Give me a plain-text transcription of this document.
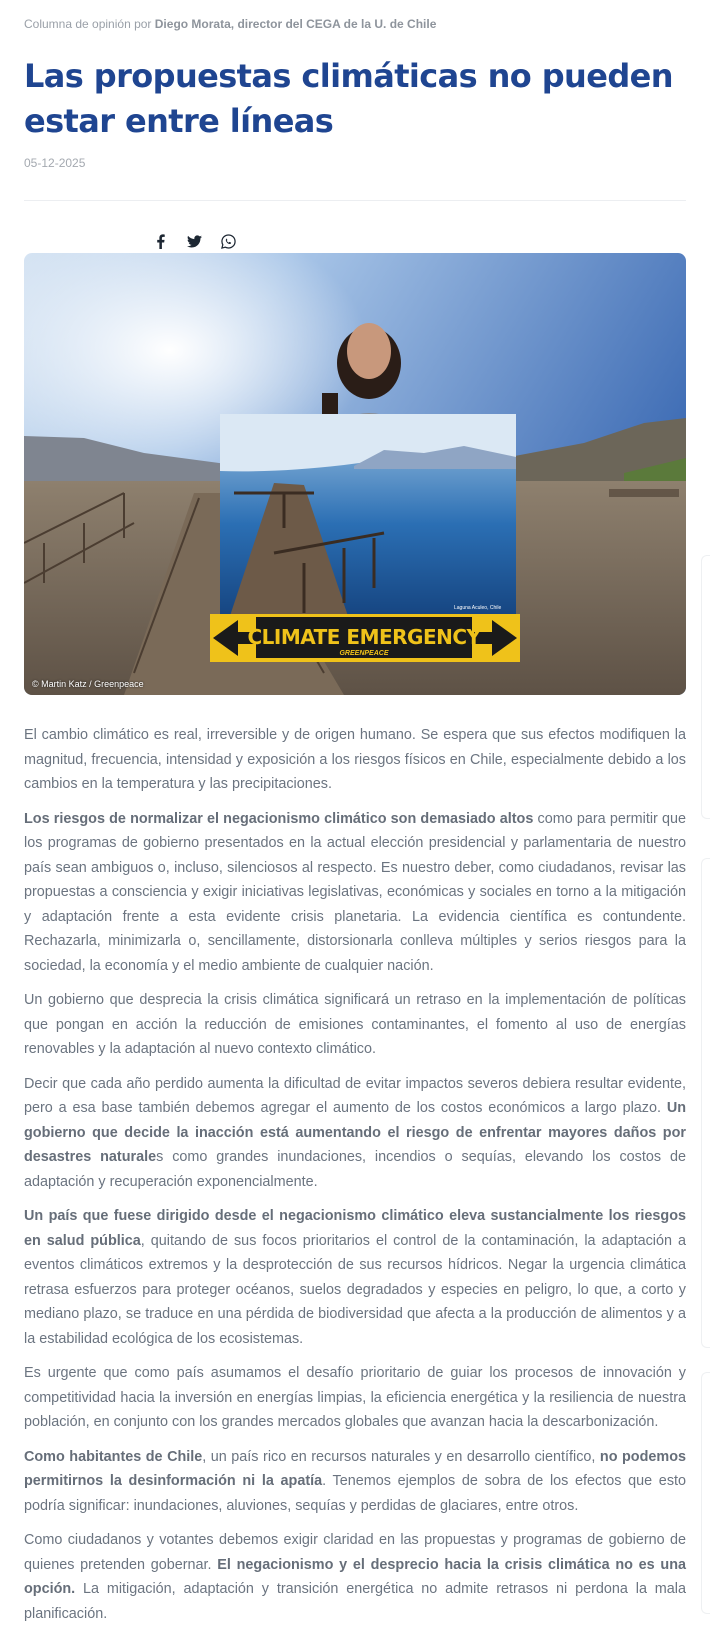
Columna de opinión por Diego Morata, director del CEGA de la U. de Chile
Las propuestas climáticas no pueden estar entre líneas
05-12-2025
Laguna Aculeo, Chile
CLIMATE EMERGENCY
GREENPEACE
© Martin Katz / Greenpeace

El cambio climático es real, irreversible y de origen humano. Se espera que sus efectos modifiquen la magnitud, frecuencia, intensidad y exposición a los riesgos físicos en Chile, especialmente debido a los cambios en la temperatura y las precipitaciones.

Los riesgos de normalizar el negacionismo climático son demasiado altos como para permitir que los programas de gobierno presentados en la actual elección presidencial y parlamentaria de nuestro país sean ambiguos o, incluso, silenciosos al respecto. Es nuestro deber, como ciudadanos, revisar las propuestas a consciencia y exigir iniciativas legislativas, económicas y sociales en torno a la mitigación y adaptación frente a esta evidente crisis planetaria. La evidencia científica es contundente. Rechazarla, minimizarla o, sencillamente, distorsionarla conlleva múltiples y serios riesgos para la sociedad, la economía y el medio ambiente de cualquier nación.

Un gobierno que desprecia la crisis climática significará un retraso en la implementación de políticas que pongan en acción la reducción de emisiones contaminantes, el fomento al uso de energías renovables y la adaptación al nuevo contexto climático.

Decir que cada año perdido aumenta la dificultad de evitar impactos severos debiera resultar evidente, pero a esa base también debemos agregar el aumento de los costos económicos a largo plazo. Un gobierno que decide la inacción está aumentando el riesgo de enfrentar mayores daños por desastres naturales como grandes inundaciones, incendios o sequías, elevando los costos de adaptación y recuperación exponencialmente.

Un país que fuese dirigido desde el negacionismo climático eleva sustancialmente los riesgos en salud pública, quitando de sus focos prioritarios el control de la contaminación, la adaptación a eventos climáticos extremos y la desprotección de sus recursos hídricos. Negar la urgencia climática retrasa esfuerzos para proteger océanos, suelos degradados y especies en peligro, lo que, a corto y mediano plazo, se traduce en una pérdida de biodiversidad que afecta a la producción de alimentos y a la estabilidad ecológica de los ecosistemas.

Es urgente que como país asumamos el desafío prioritario de guiar los procesos de innovación y competitividad hacia la inversión en energías limpias, la eficiencia energética y la resiliencia de nuestra población, en conjunto con los grandes mercados globales que avanzan hacia la descarbonización.

Como habitantes de Chile, un país rico en recursos naturales y en desarrollo científico, no podemos permitirnos la desinformación ni la apatía. Tenemos ejemplos de sobra de los efectos que esto podría significar: inundaciones, aluviones, sequías y perdidas de glaciares, entre otros.

Como ciudadanos y votantes debemos exigir claridad en las propuestas y programas de gobierno de quienes pretenden gobernar. El negacionismo y el desprecio hacia la crisis climática no es una opción. La mitigación, adaptación y transición energética no admite retrasos ni perdona la mala planificación.
